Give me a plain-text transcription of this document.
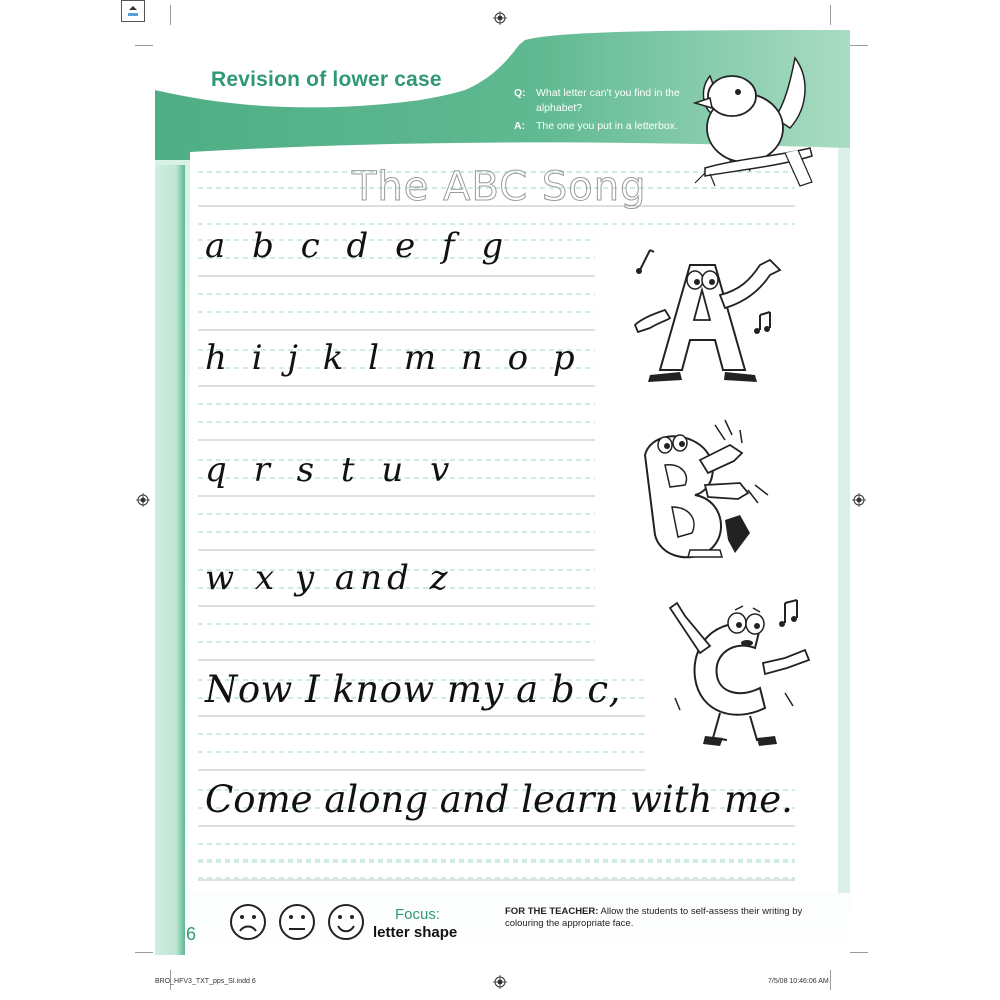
Revision of lower case
Q: What letter can't you find in the alphabet?
A: The one you put in a letterbox.
The ABC Song
a b c d e f g
h i j k l m n o p
q r s t u v
w x y and z
Now I know my a b c,
Come along and learn with me.
6
Focus:
letter shape
FOR THE TEACHER: Allow the students to self-assess their writing by colouring the appropriate face.
BRO_HFV3_TXT_pps_SI.indd 6	7/5/08 10:46:06 AM
